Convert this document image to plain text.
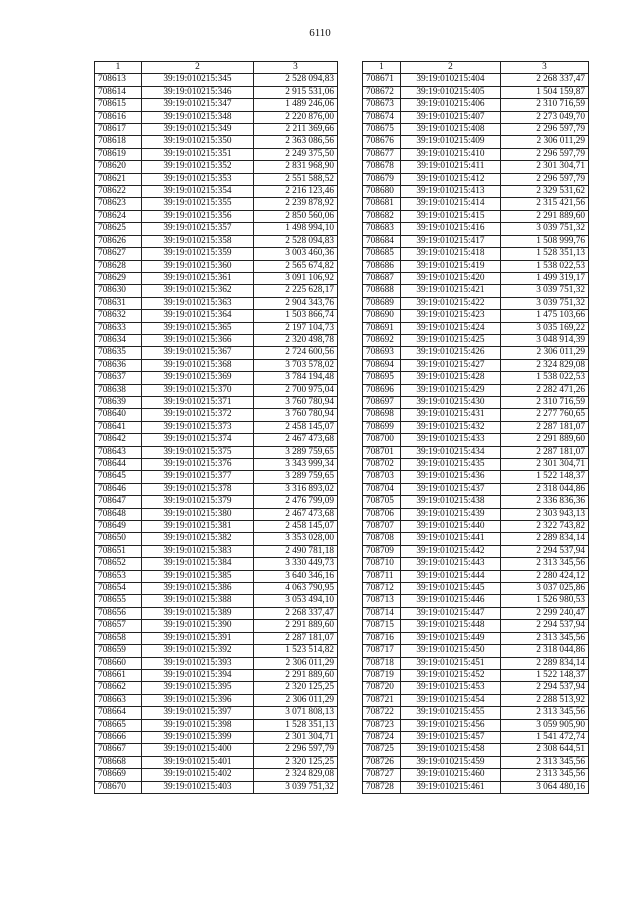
6110
1	2	3
708613	39:19:010215:345	2 528 094,83
708614	39:19:010215:346	2 915 531,06
708615	39:19:010215:347	1 489 246,06
708616	39:19:010215:348	2 220 876,00
708617	39:19:010215:349	2 211 369,66
708618	39:19:010215:350	2 363 086,56
708619	39:19:010215:351	2 249 375,50
708620	39:19:010215:352	2 831 968,90
708621	39:19:010215:353	2 551 588,52
708622	39:19:010215:354	2 216 123,46
708623	39:19:010215:355	2 239 878,92
708624	39:19:010215:356	2 850 560,06
708625	39:19:010215:357	1 498 994,10
708626	39:19:010215:358	2 528 094,83
708627	39:19:010215:359	3 003 460,36
708628	39:19:010215:360	2 565 674,82
708629	39:19:010215:361	3 091 106,92
708630	39:19:010215:362	2 225 628,17
708631	39:19:010215:363	2 904 343,76
708632	39:19:010215:364	1 503 866,74
708633	39:19:010215:365	2 197 104,73
708634	39:19:010215:366	2 320 498,78
708635	39:19:010215:367	2 724 600,56
708636	39:19:010215:368	3 703 578,02
708637	39:19:010215:369	3 784 194,48
708638	39:19:010215:370	2 700 975,04
708639	39:19:010215:371	3 760 780,94
708640	39:19:010215:372	3 760 780,94
708641	39:19:010215:373	2 458 145,07
708642	39:19:010215:374	2 467 473,68
708643	39:19:010215:375	3 289 759,65
708644	39:19:010215:376	3 343 999,34
708645	39:19:010215:377	3 289 759,65
708646	39:19:010215:378	3 316 893,02
708647	39:19:010215:379	2 476 799,09
708648	39:19:010215:380	2 467 473,68
708649	39:19:010215:381	2 458 145,07
708650	39:19:010215:382	3 353 028,00
708651	39:19:010215:383	2 490 781,18
708652	39:19:010215:384	3 330 449,73
708653	39:19:010215:385	3 640 346,16
708654	39:19:010215:386	4 063 790,95
708655	39:19:010215:388	3 053 494,10
708656	39:19:010215:389	2 268 337,47
708657	39:19:010215:390	2 291 889,60
708658	39:19:010215:391	2 287 181,07
708659	39:19:010215:392	1 523 514,82
708660	39:19:010215:393	2 306 011,29
708661	39:19:010215:394	2 291 889,60
708662	39:19:010215:395	2 320 125,25
708663	39:19:010215:396	2 306 011,29
708664	39:19:010215:397	3 071 808,13
708665	39:19:010215:398	1 528 351,13
708666	39:19:010215:399	2 301 304,71
708667	39:19:010215:400	2 296 597,79
708668	39:19:010215:401	2 320 125,25
708669	39:19:010215:402	2 324 829,08
708670	39:19:010215:403	3 039 751,32
1	2	3
708671	39:19:010215:404	2 268 337,47
708672	39:19:010215:405	1 504 159,87
708673	39:19:010215:406	2 310 716,59
708674	39:19:010215:407	2 273 049,70
708675	39:19:010215:408	2 296 597,79
708676	39:19:010215:409	2 306 011,29
708677	39:19:010215:410	2 296 597,79
708678	39:19:010215:411	2 301 304,71
708679	39:19:010215:412	2 296 597,79
708680	39:19:010215:413	2 329 531,62
708681	39:19:010215:414	2 315 421,56
708682	39:19:010215:415	2 291 889,60
708683	39:19:010215:416	3 039 751,32
708684	39:19:010215:417	1 508 999,76
708685	39:19:010215:418	1 528 351,13
708686	39:19:010215:419	1 538 022,53
708687	39:19:010215:420	1 499 319,17
708688	39:19:010215:421	3 039 751,32
708689	39:19:010215:422	3 039 751,32
708690	39:19:010215:423	1 475 103,66
708691	39:19:010215:424	3 035 169,22
708692	39:19:010215:425	3 048 914,39
708693	39:19:010215:426	2 306 011,29
708694	39:19:010215:427	2 324 829,08
708695	39:19:010215:428	1 538 022,53
708696	39:19:010215:429	2 282 471,26
708697	39:19:010215:430	2 310 716,59
708698	39:19:010215:431	2 277 760,65
708699	39:19:010215:432	2 287 181,07
708700	39:19:010215:433	2 291 889,60
708701	39:19:010215:434	2 287 181,07
708702	39:19:010215:435	2 301 304,71
708703	39:19:010215:436	1 522 148,37
708704	39:19:010215:437	2 318 044,86
708705	39:19:010215:438	2 336 836,36
708706	39:19:010215:439	2 303 943,13
708707	39:19:010215:440	2 322 743,82
708708	39:19:010215:441	2 289 834,14
708709	39:19:010215:442	2 294 537,94
708710	39:19:010215:443	2 313 345,56
708711	39:19:010215:444	2 280 424,12
708712	39:19:010215:445	3 037 025,86
708713	39:19:010215:446	1 526 980,53
708714	39:19:010215:447	2 299 240,47
708715	39:19:010215:448	2 294 537,94
708716	39:19:010215:449	2 313 345,56
708717	39:19:010215:450	2 318 044,86
708718	39:19:010215:451	2 289 834,14
708719	39:19:010215:452	1 522 148,37
708720	39:19:010215:453	2 294 537,94
708721	39:19:010215:454	2 288 513,92
708722	39:19:010215:455	2 313 345,56
708723	39:19:010215:456	3 059 905,90
708724	39:19:010215:457	1 541 472,74
708725	39:19:010215:458	2 308 644,51
708726	39:19:010215:459	2 313 345,56
708727	39:19:010215:460	2 313 345,56
708728	39:19:010215:461	3 064 480,16
